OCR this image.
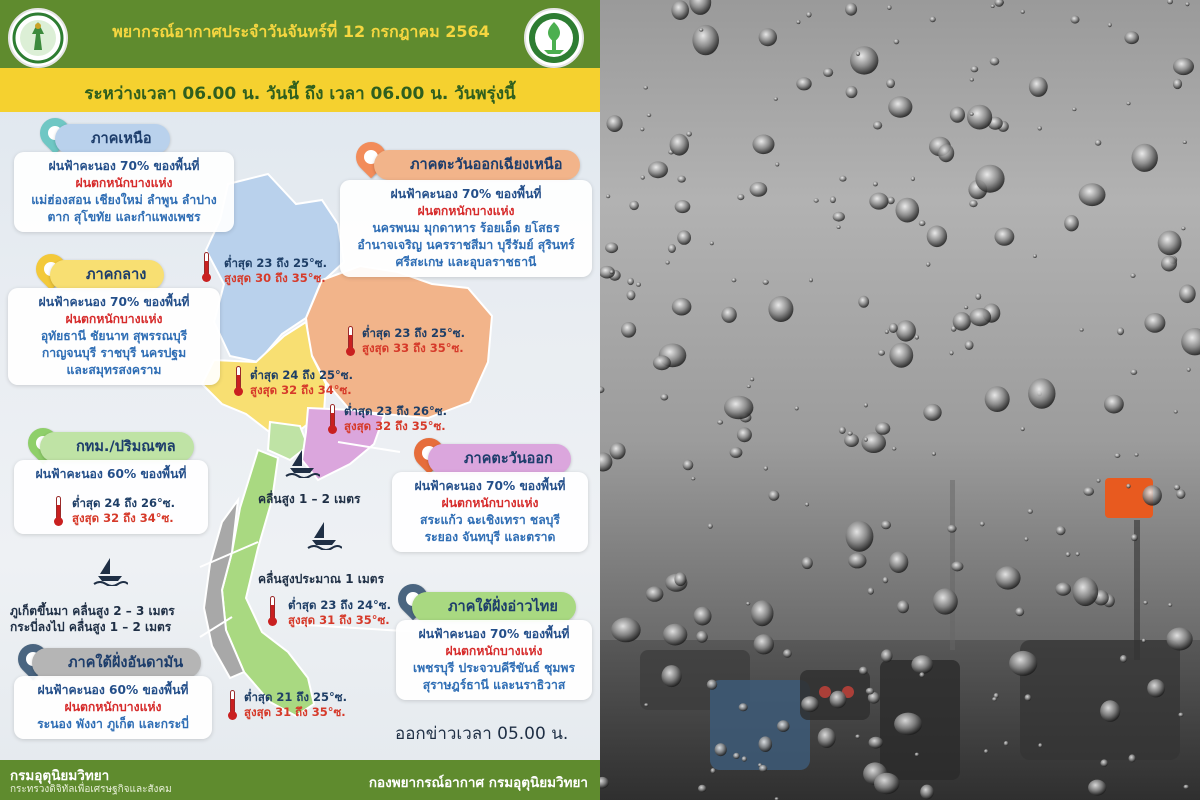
พยากรณ์อากาศประจำวันจันทร์ที่ 12 กรกฎาคม 2564
ระหว่างเวลา 06.00 น. วันนี้ ถึง เวลา 06.00 น. วันพรุ่งนี้
ภาคเหนือ
ฝนฟ้าคะนอง 70% ของพื้นที่
ฝนตกหนักบางแห่ง
แม่ฮ่องสอน เชียงใหม่ ลำพูน ลำปาง
ตาก สุโขทัย และกำแพงเพชร
ต่ำสุด 23 ถึง 25°ซ.
สูงสุด 30 ถึง 35°ซ.
ภาคตะวันออกเฉียงเหนือ
ฝนฟ้าคะนอง 70% ของพื้นที่
ฝนตกหนักบางแห่ง
นครพนม มุกดาหาร ร้อยเอ็ด ยโสธร
อำนาจเจริญ นครราชสีมา บุรีรัมย์ สุรินทร์
ศรีสะเกษ และอุบลราชธานี
ต่ำสุด 23 ถึง 25°ซ.
สูงสุด 33 ถึง 35°ซ.
ภาคกลาง
ฝนฟ้าคะนอง 70% ของพื้นที่
ฝนตกหนักบางแห่ง
อุทัยธานี ชัยนาท สุพรรณบุรี
กาญจนบุรี ราชบุรี นครปฐม
และสมุทรสงคราม	ต่ำสุด 24 ถึง 25°ซ.
สูงสุด 32 ถึง 34°ซ.
ต่ำสุด 23 ถึง 26°ซ.
สูงสุด 32 ถึง 35°ซ.
ภาคตะวันออก
ฝนฟ้าคะนอง 70% ของพื้นที่
ฝนตกหนักบางแห่ง
สระแก้ว ฉะเชิงเทรา ชลบุรี
ระยอง จันทบุรี และตราด
กทม./ปริมณฑล
ฝนฟ้าคะนอง 60% ของพื้นที่
ต่ำสุด 24 ถึง 26°ซ.
สูงสุด 32 ถึง 34°ซ.
คลื่นสูง 1 – 2 เมตร
คลื่นสูงประมาณ 1 เมตร
ภูเก็ตขึ้นมา คลื่นสูง 2 – 3 เมตร
กระบี่ลงไป คลื่นสูง 1 – 2 เมตร
ต่ำสุด 23 ถึง 24°ซ.
สูงสุด 31 ถึง 35°ซ.
ภาคใต้ฝั่งอ่าวไทย
ฝนฟ้าคะนอง 70% ของพื้นที่
ฝนตกหนักบางแห่ง
เพชรบุรี ประจวบคีรีขันธ์ ชุมพร
สุราษฎร์ธานี และนราธิวาส
ภาคใต้ฝั่งอันดามัน
ฝนฟ้าคะนอง 60% ของพื้นที่
ฝนตกหนักบางแห่ง
ระนอง พังงา ภูเก็ต และกระบี่
ต่ำสุด 21 ถึง 25°ซ.
สูงสุด 31 ถึง 35°ซ.
ออกข่าวเวลา 05.00 น.
กรมอุตุนิยมวิทยา
กระทรวงดิจิทัลเพื่อเศรษฐกิจและสังคม	กองพยากรณ์อากาศ กรมอุตุนิยมวิทยา
